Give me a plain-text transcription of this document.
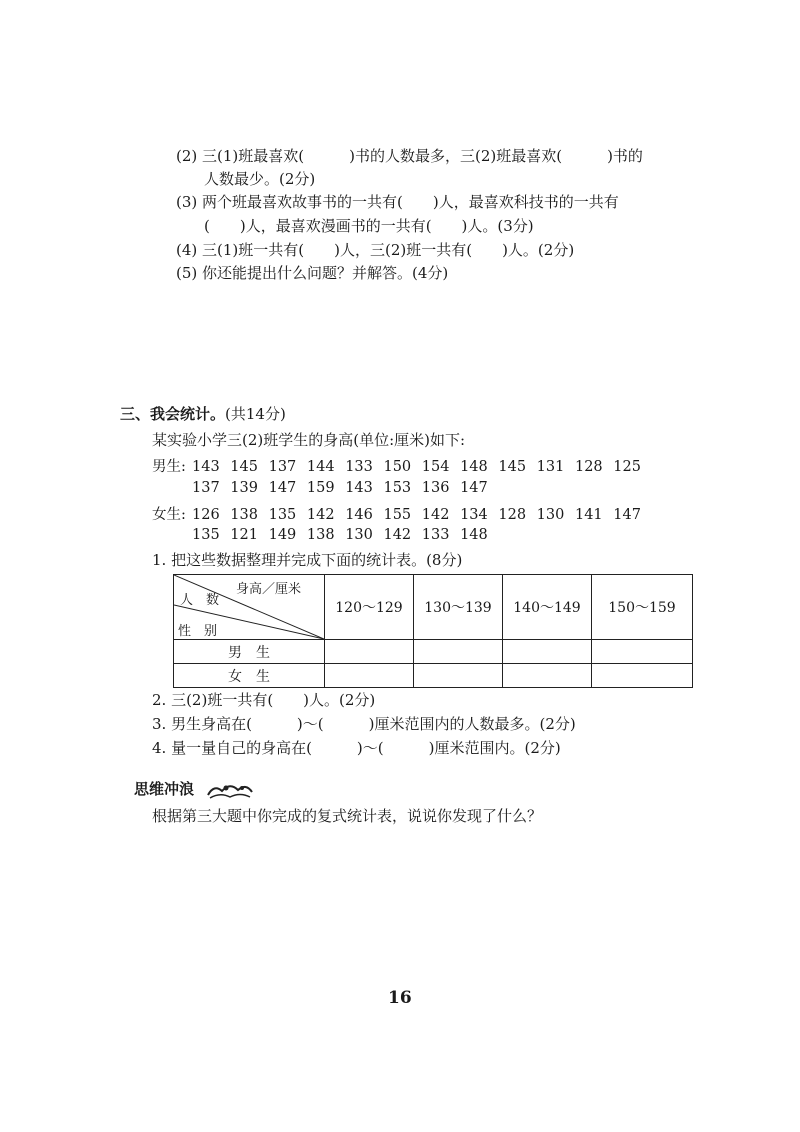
(2) 三(1)班最喜欢(　　　)书的人数最多，三(2)班最喜欢(　　　)书的
人数最少。(2分)
(3) 两个班最喜欢故事书的一共有(　　)人，最喜欢科技书的一共有
(　　)人，最喜欢漫画书的一共有(　　)人。(3分)
(4) 三(1)班一共有(　　)人，三(2)班一共有(　　)人。(2分)
(5) 你还能提出什么问题？并解答。(4分)
三、我会统计。(共14分)
某实验小学三(2)班学生的身高(单位:厘米)如下:
男生: 143 145 137 144 133 150 154 148 145 131 128 125
137 139 147 159 143 153 136 147
女生: 126 138 135 142 146 155 142 134 128 130 141 147
135 121 149 138 130 142 133 148
1. 把这些数据整理并完成下面的统计表。(8分)
身高／厘米
人　数
性　别	120～129	130～139	140～149	150～159
男　生				
女　生				
2. 三(2)班一共有(　　)人。(2分)
3. 男生身高在(　　　)～(　　　)厘米范围内的人数最多。(2分)
4. 量一量自己的身高在(　　　)～(　　　)厘米范围内。(2分)
思维冲浪
根据第三大题中你完成的复式统计表，说说你发现了什么？
16
